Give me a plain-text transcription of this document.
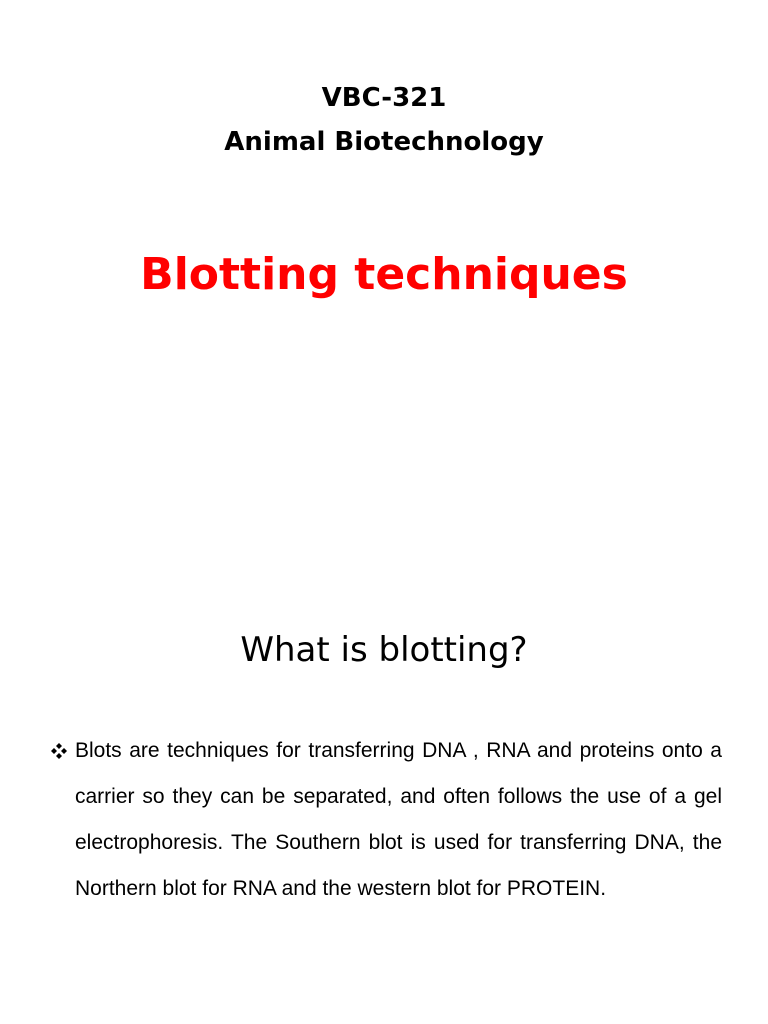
VBC-321
Animal Biotechnology
Blotting techniques
What is blotting?
Blots are techniques for transferring DNA , RNA and proteins onto a carrier so they can be separated, and often follows the use of a gel electrophoresis. The Southern blot is used for transferring DNA, the Northern blot for RNA and the western blot for PROTEIN.
